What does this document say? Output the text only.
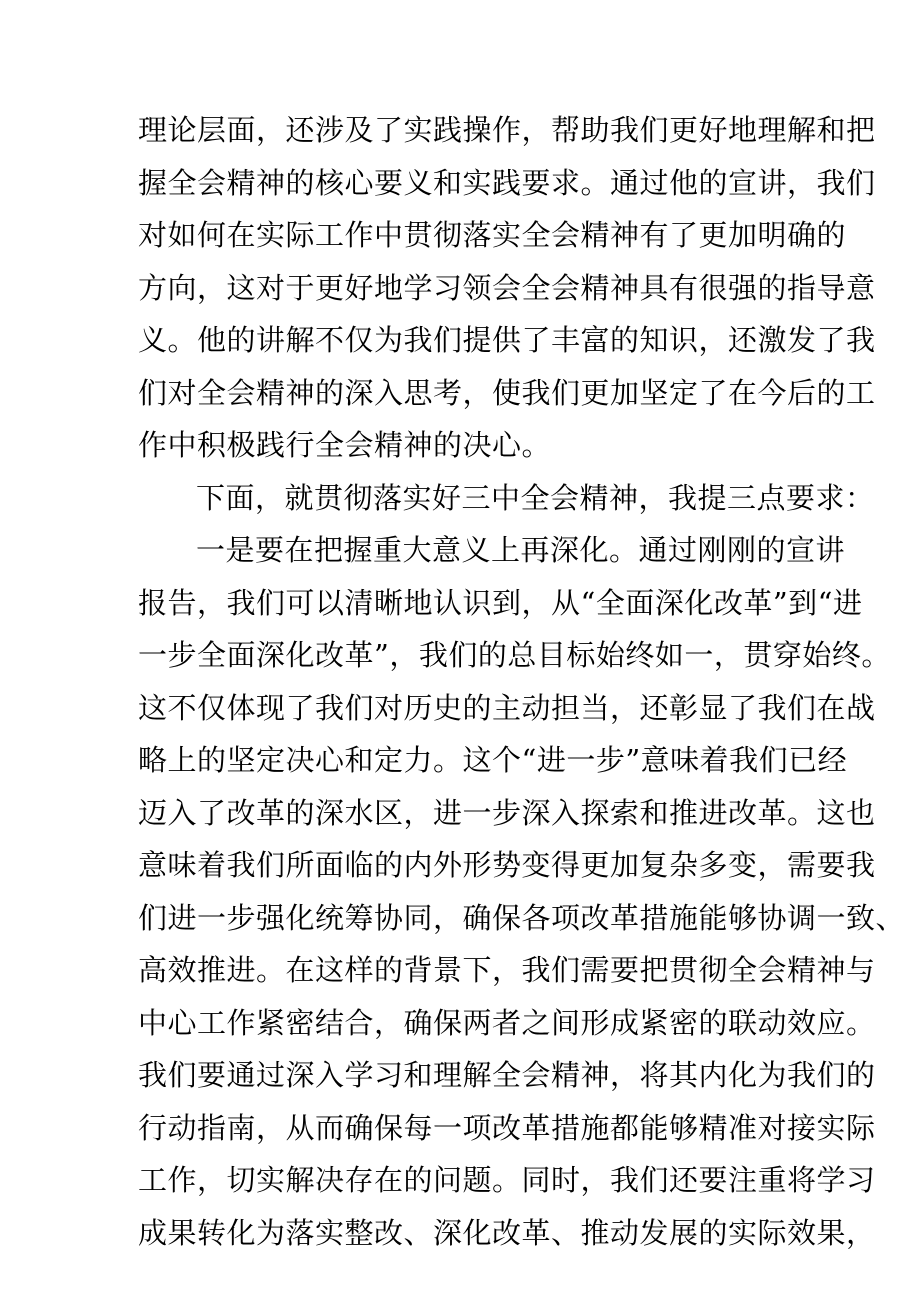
理论层面，还涉及了实践操作，帮助我们更好地理解和把
握全会精神的核心要义和实践要求。通过他的宣讲，我们
对如何在实际工作中贯彻落实全会精神有了更加明确的
方向，这对于更好地学习领会全会精神具有很强的指导意
义。他的讲解不仅为我们提供了丰富的知识，还激发了我
们对全会精神的深入思考，使我们更加坚定了在今后的工
作中积极践行全会精神的决心。
下面，就贯彻落实好三中全会精神，我提三点要求：
一是要在把握重大意义上再深化。通过刚刚的宣讲
报告，我们可以清晰地认识到，从“全面深化改革”到“进
一步全面深化改革”，我们的总目标始终如一，贯穿始终。
这不仅体现了我们对历史的主动担当，还彰显了我们在战
略上的坚定决心和定力。这个“进一步”意味着我们已经
迈入了改革的深水区，进一步深入探索和推进改革。这也
意味着我们所面临的内外形势变得更加复杂多变，需要我
们进一步强化统筹协同，确保各项改革措施能够协调一致、
高效推进。在这样的背景下，我们需要把贯彻全会精神与
中心工作紧密结合，确保两者之间形成紧密的联动效应。
我们要通过深入学习和理解全会精神，将其内化为我们的
行动指南，从而确保每一项改革措施都能够精准对接实际
工作，切实解决存在的问题。同时，我们还要注重将学习
成果转化为落实整改、深化改革、推动发展的实际效果，
